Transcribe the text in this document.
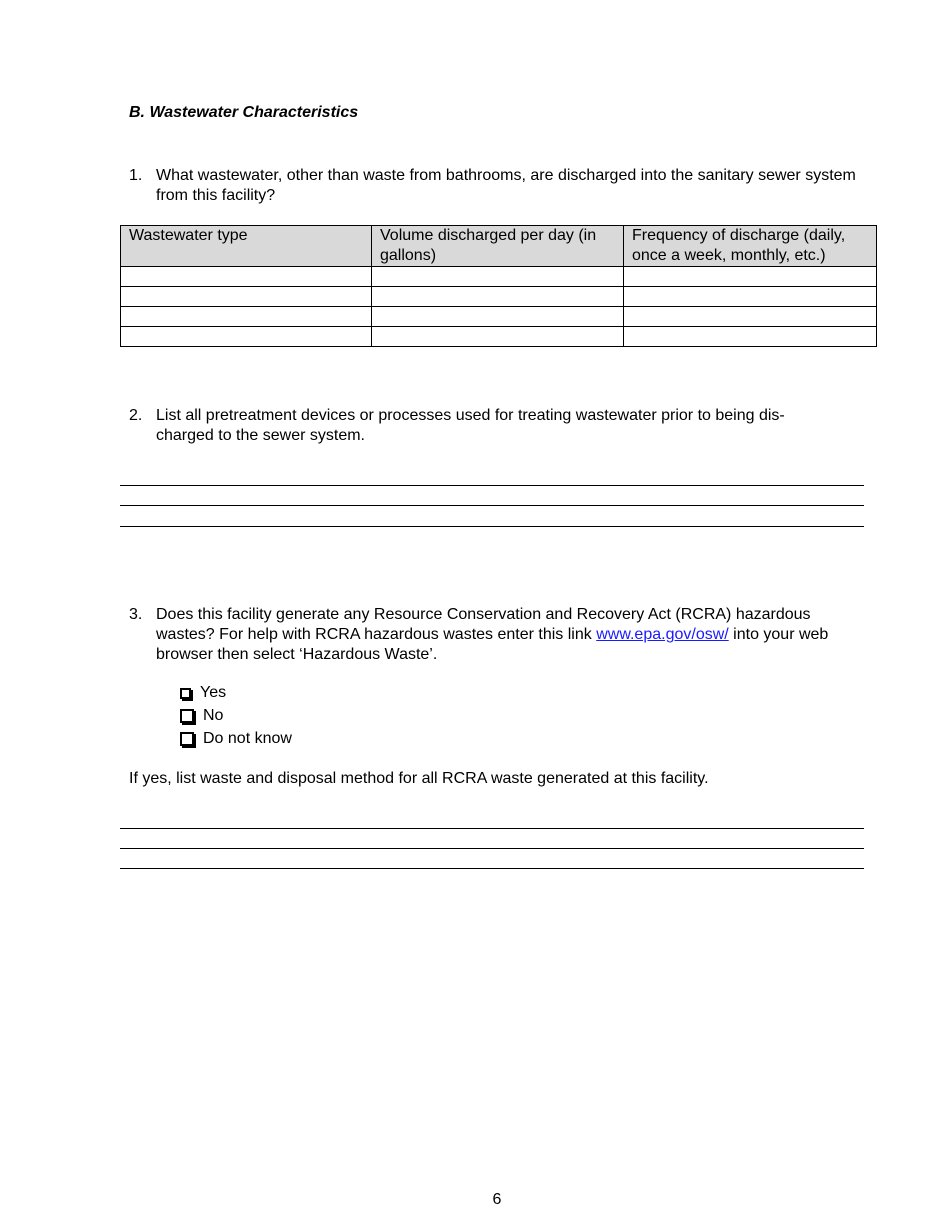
B. Wastewater Characteristics
1. What wastewater, other than waste from bathrooms, are discharged into the sanitary sewer system from this facility?
Wastewater type	Volume discharged per day (in gallons)	Frequency of discharge (daily, once a week, monthly, etc.)

2. List all pretreatment devices or processes used for treating wastewater prior to being dis-
charged to the sewer system.
3. Does this facility generate any Resource Conservation and Recovery Act (RCRA) hazardous wastes? For help with RCRA hazardous wastes enter this link www.epa.gov/osw/ into your web browser then select ‘Hazardous Waste’.
Yes
No
Do not know
If yes, list waste and disposal method for all RCRA waste generated at this facility.
6
